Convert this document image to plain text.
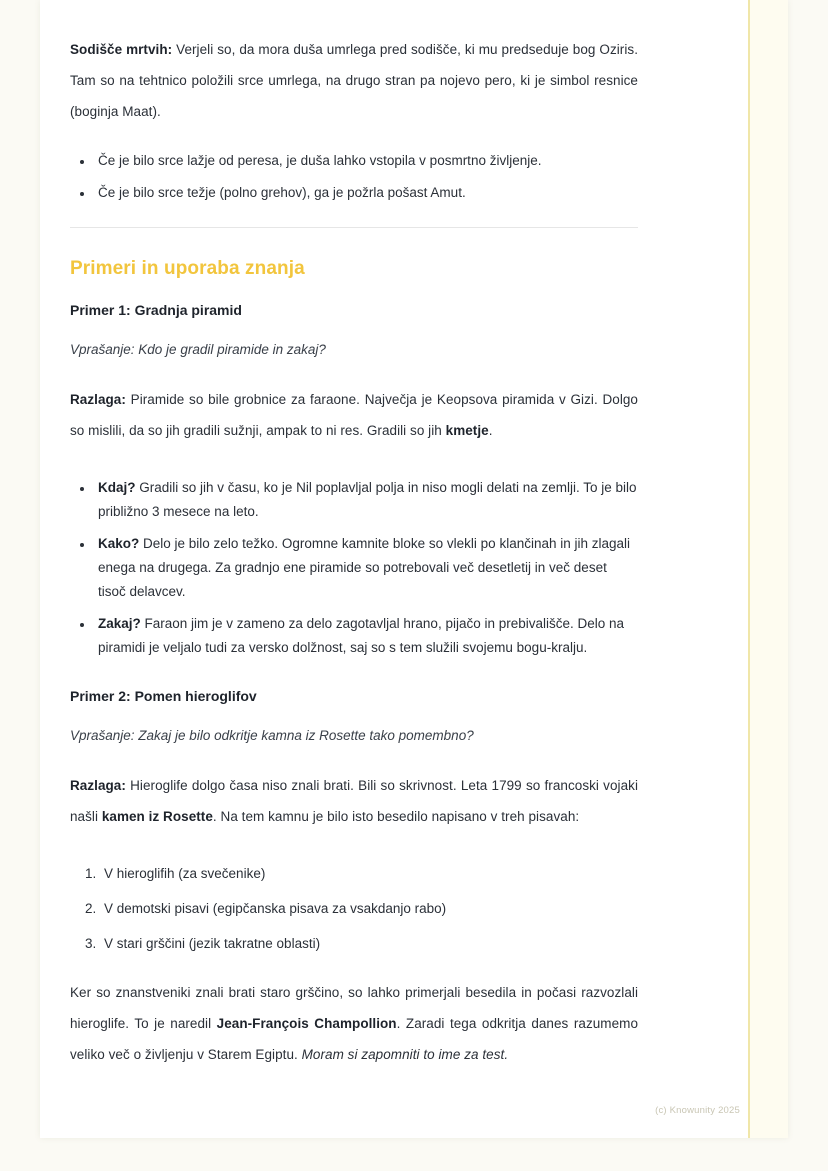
Sodišče mrtvih: Verjeli so, da mora duša umrlega pred sodišče, ki mu predseduje bog Oziris. Tam so na tehtnico položili srce umrlega, na drugo stran pa nojevo pero, ki je simbol resnice (boginja Maat).

• Če je bilo srce lažje od peresa, je duša lahko vstopila v posmrtno življenje.
• Če je bilo srce težje (polno grehov), ga je požrla pošast Amut.
Primeri in uporaba znanja
Primer 1: Gradnja piramid

Vprašanje: Kdo je gradil piramide in zakaj?

Razlaga: Piramide so bile grobnice za faraone. Največja je Keopsova piramida v Gizi. Dolgo so mislili, da so jih gradili sužnji, ampak to ni res. Gradili so jih kmetje.

• Kdaj? Gradili so jih v času, ko je Nil poplavljal polja in niso mogli delati na zemlji. To je bilo približno 3 mesece na leto.
• Kako? Delo je bilo zelo težko. Ogromne kamnite bloke so vlekli po klančinah in jih zlagali enega na drugega. Za gradnjo ene piramide so potrebovali več desetletij in več deset tisoč delavcev.
• Zakaj? Faraon jim je v zameno za delo zagotavljal hrano, pijačo in prebivališče. Delo na piramidi je veljalo tudi za versko dolžnost, saj so s tem služili svojemu bogu-kralju.
Primer 2: Pomen hieroglifov

Vprašanje: Zakaj je bilo odkritje kamna iz Rosette tako pomembno?

Razlaga: Hieroglife dolgo časa niso znali brati. Bili so skrivnost. Leta 1799 so francoski vojaki našli kamen iz Rosette. Na tem kamnu je bilo isto besedilo napisano v treh pisavah:

1. V hieroglifih (za svečenike)
2. V demotski pisavi (egipčanska pisava za vsakdanjo rabo)
3. V stari grščini (jezik takratne oblasti)

Ker so znanstveniki znali brati staro grščino, so lahko primerjali besedila in počasi razvozlali hieroglife. To je naredil Jean-François Champollion. Zaradi tega odkritja danes razumemo veliko več o življenju v Starem Egiptu. Moram si zapomniti to ime za test.

(c) Knowunity 2025
